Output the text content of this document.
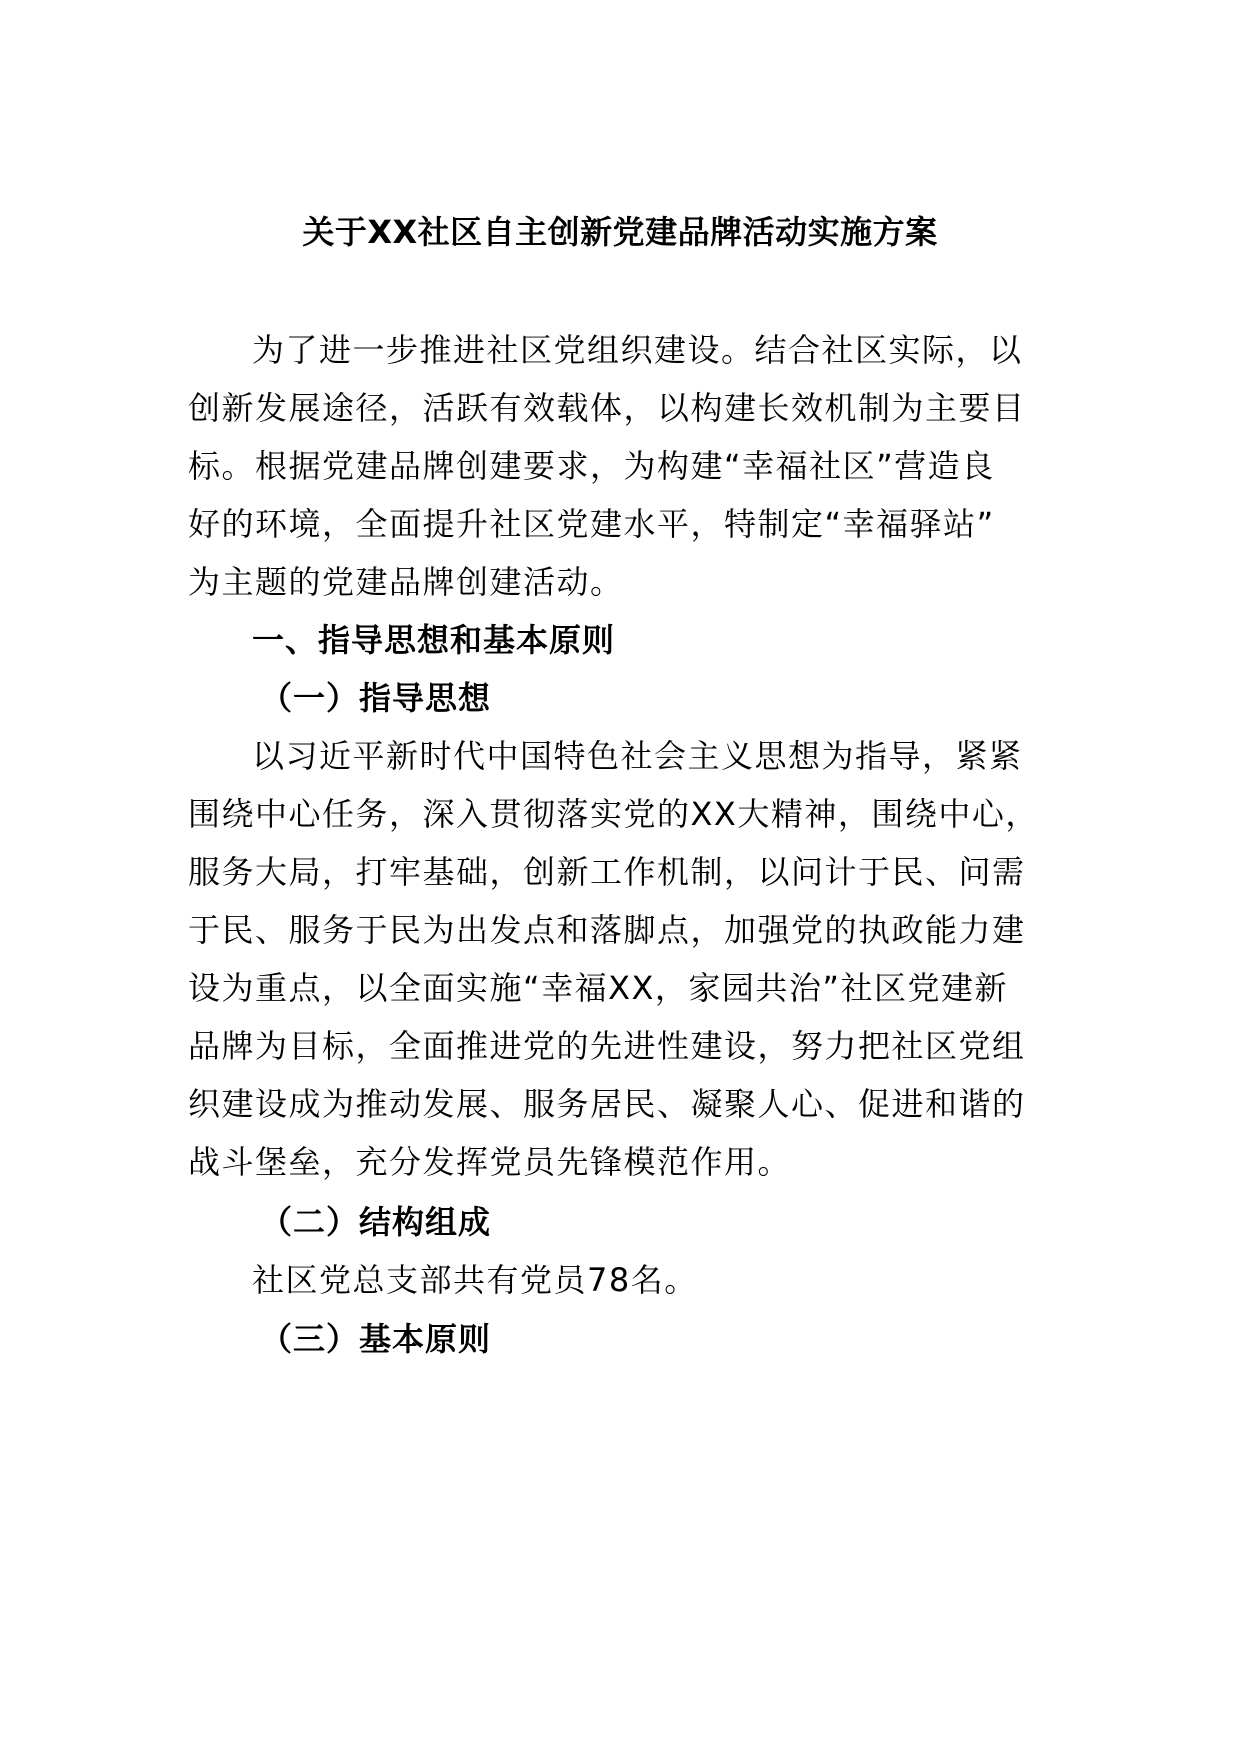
关于XX社区自主创新党建品牌活动实施方案
为了进一步推进社区党组织建设。结合社区实际，以
创新发展途径，活跃有效载体，以构建长效机制为主要目
标。根据党建品牌创建要求，为构建“幸福社区”营造良
好的环境，全面提升社区党建水平，特制定“幸福驿站”
为主题的党建品牌创建活动。
一、指导思想和基本原则
（一）指导思想
以习近平新时代中国特色社会主义思想为指导，紧紧
围绕中心任务，深入贯彻落实党的XX大精神，围绕中心，
服务大局，打牢基础，创新工作机制，以问计于民、问需
于民、服务于民为出发点和落脚点，加强党的执政能力建
设为重点，以全面实施“幸福XX，家园共治”社区党建新
品牌为目标，全面推进党的先进性建设，努力把社区党组
织建设成为推动发展、服务居民、凝聚人心、促进和谐的
战斗堡垒，充分发挥党员先锋模范作用。
（二）结构组成
社区党总支部共有党员78名。
（三）基本原则
